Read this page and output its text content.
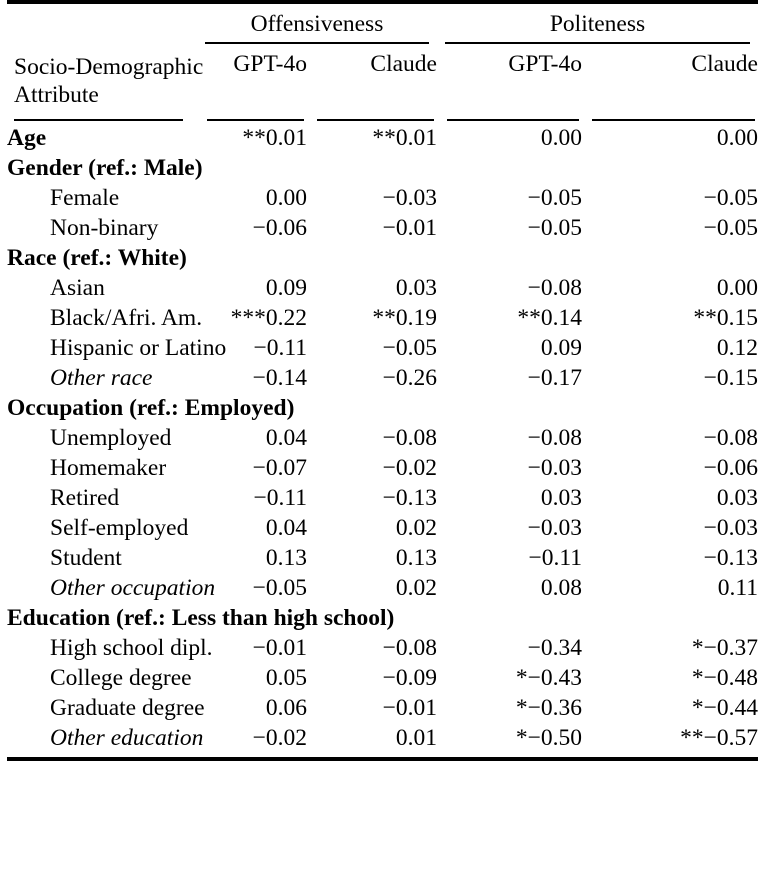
	Offensiveness		Politeness	

Socio-Demographic
Attribute	GPT-4o	Claude	GPT-4o	Claude

Age	**0.01	**0.01	0.00	0.00
Gender (ref.: Male)				
Female	0.00	−0.03	−0.05	−0.05
Non-binary	−0.06	−0.01	−0.05	−0.05
Race (ref.: White)				
Asian	0.09	0.03	−0.08	0.00
Black/Afri. Am.	***0.22	**0.19	**0.14	**0.15
Hispanic or Latino	−0.11	−0.05	0.09	0.12
Other race	−0.14	−0.26	−0.17	−0.15
Occupation (ref.: Employed)				
Unemployed	0.04	−0.08	−0.08	−0.08
Homemaker	−0.07	−0.02	−0.03	−0.06
Retired	−0.11	−0.13	0.03	0.03
Self-employed	0.04	0.02	−0.03	−0.03
Student	0.13	0.13	−0.11	−0.13
Other occupation	−0.05	0.02	0.08	0.11
Education (ref.: Less than high school)				
High school dipl.	−0.01	−0.08	−0.34	*−0.37
College degree	0.05	−0.09	*−0.43	*−0.48
Graduate degree	0.06	−0.01	*−0.36	*−0.44
Other education	−0.02	0.01	*−0.50	**−0.57
